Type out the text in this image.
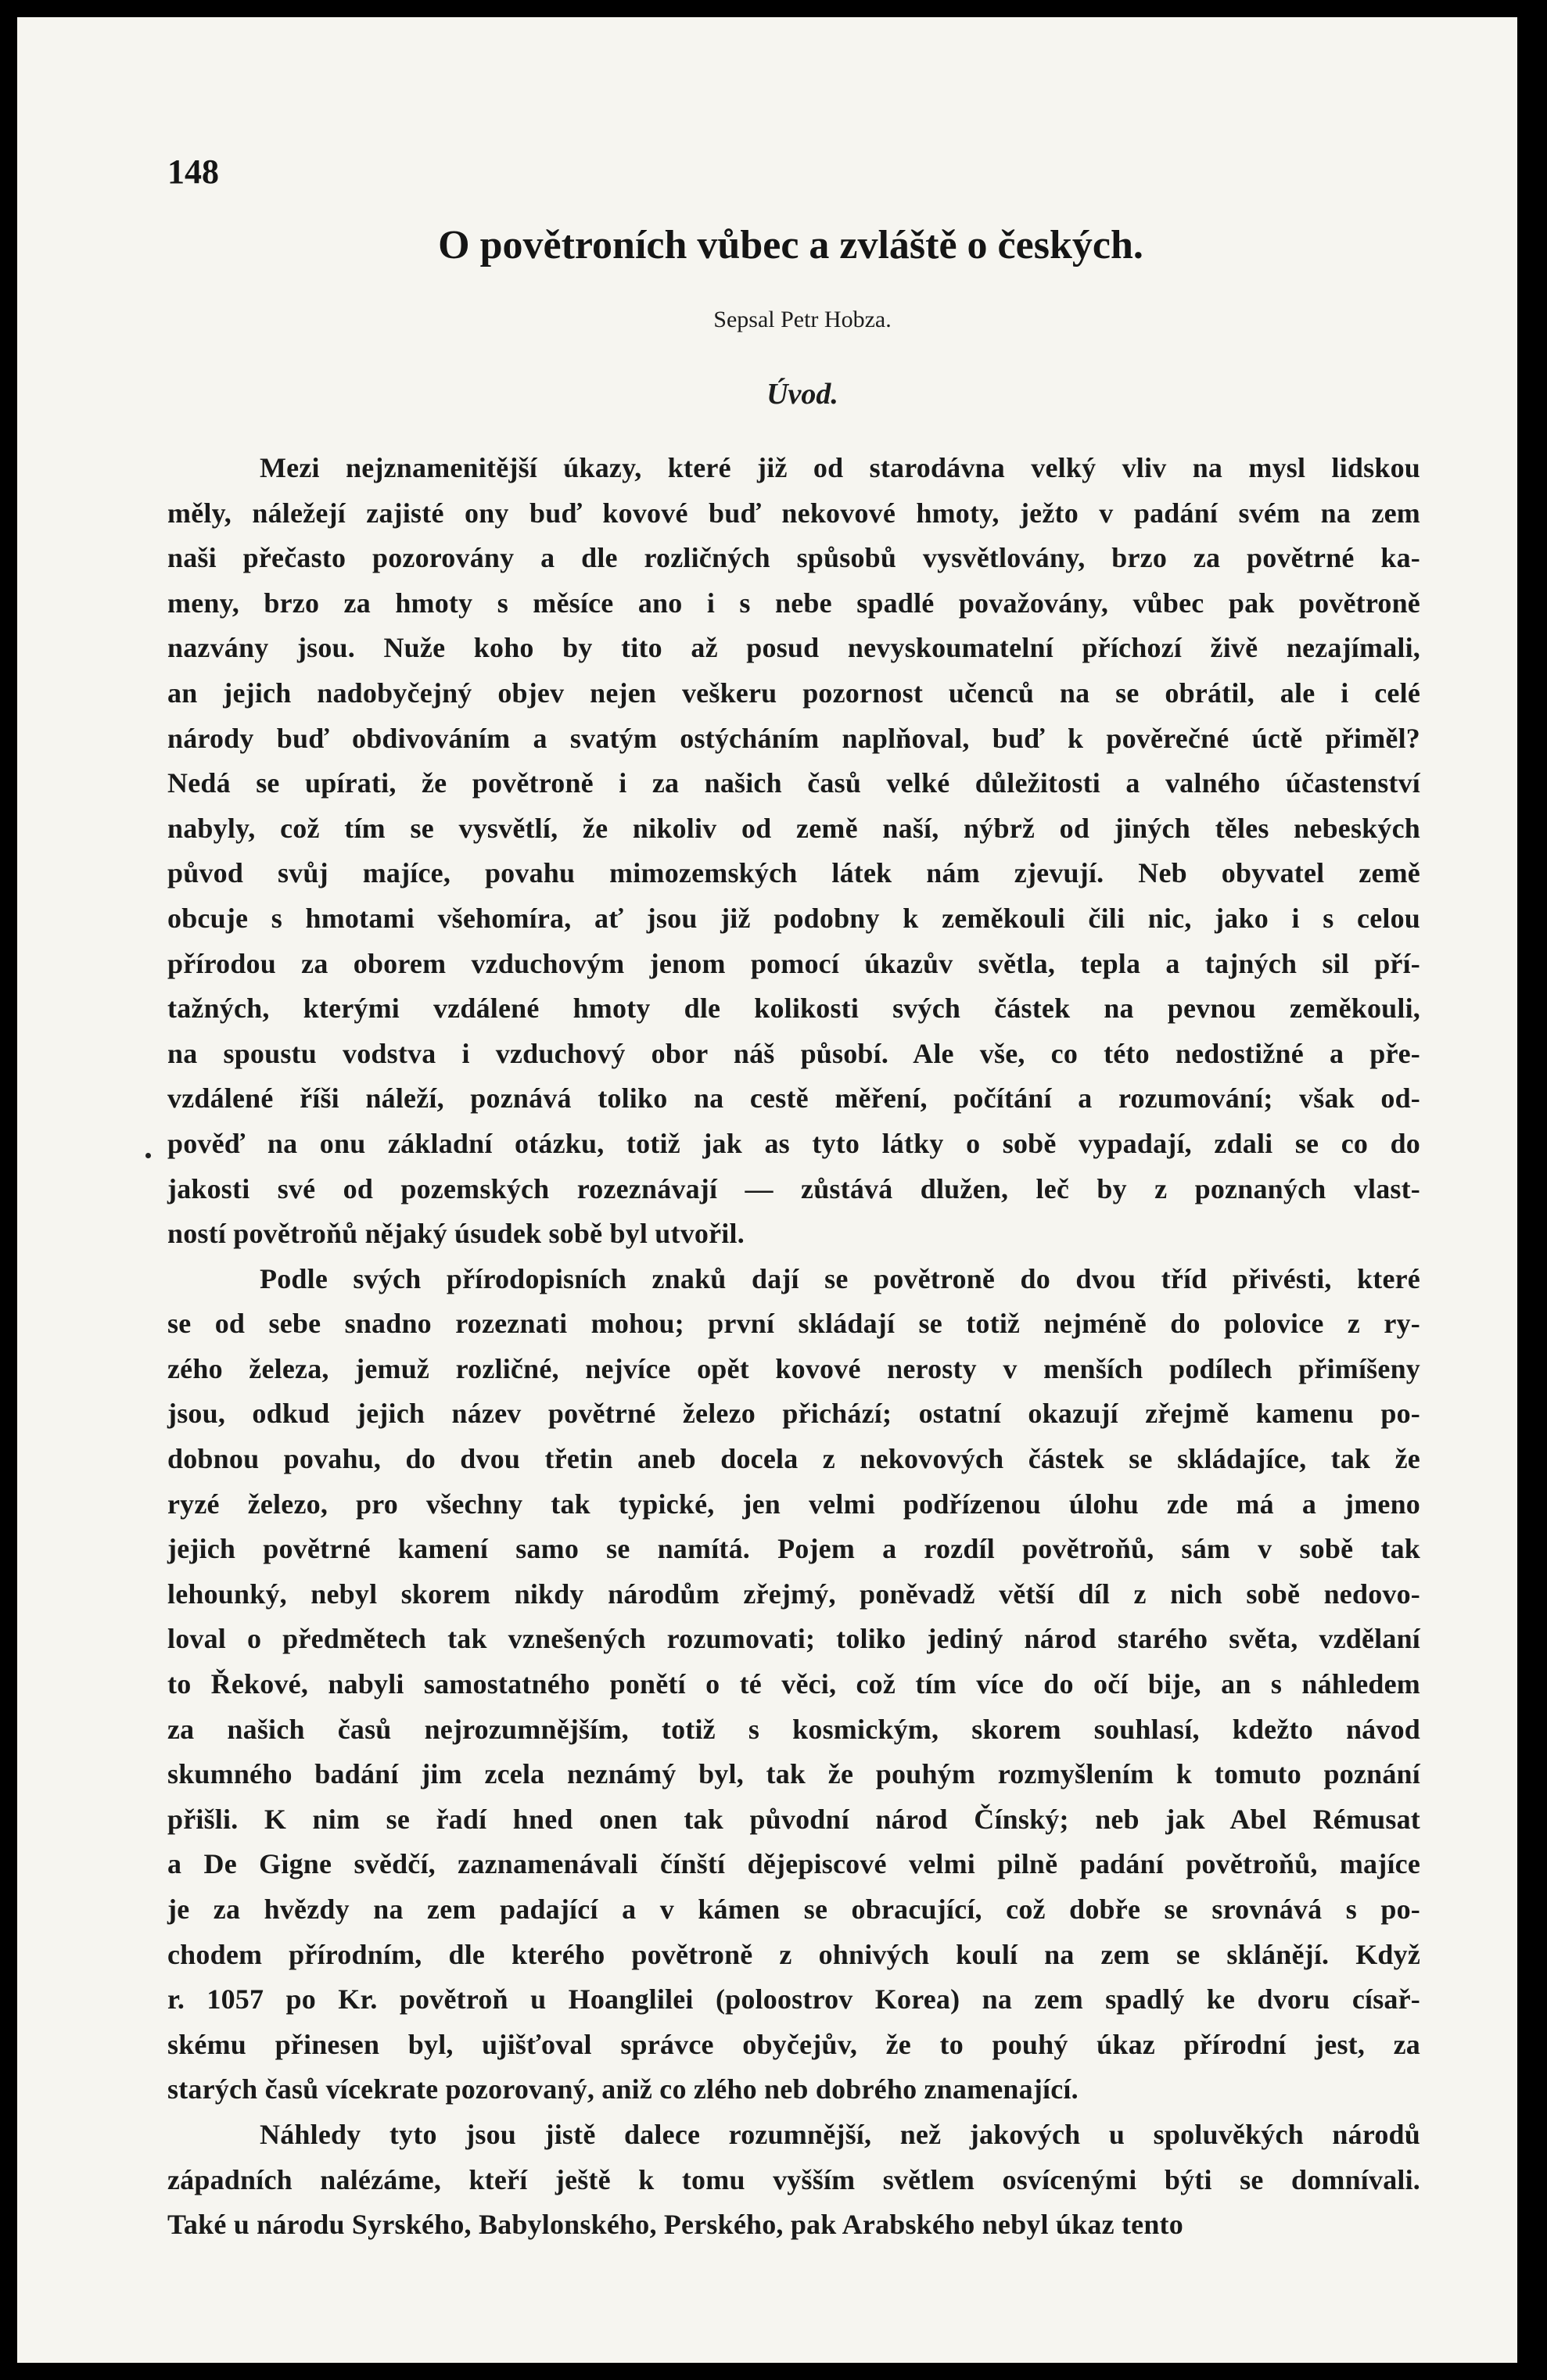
148

O povětroních vůbec a zvláště o českých.

Sepsal Petr Hobza.

Úvod.

Mezi nejznamenitější úkazy, které již od starodávna velký vliv na mysl lidskou
měly, náležejí zajisté ony buď kovové buď nekovové hmoty, ježto v padání svém na zem
naši přečasto pozorovány a dle rozličných spůsobů vysvětlovány, brzo za povětrné ka-
meny, brzo za hmoty s měsíce ano i s nebe spadlé považovány, vůbec pak povětroně
nazvány jsou. Nuže koho by tito až posud nevyskoumatelní příchozí živě nezajímali,
an jejich nadobyčejný objev nejen veškeru pozornost učenců na se obrátil, ale i celé
národy buď obdivováním a svatým ostýcháním naplňoval, buď k pověrečné úctě přiměl?
Nedá se upírati, že povětroně i za našich časů velké důležitosti a valného účastenství
nabyly, což tím se vysvětlí, že nikoliv od země naší, nýbrž od jiných těles nebeských
původ svůj majíce, povahu mimozemských látek nám zjevují. Neb obyvatel země
obcuje s hmotami všehomíra, ať jsou již podobny k zeměkouli čili nic, jako i s celou
přírodou za oborem vzduchovým jenom pomocí úkazův světla, tepla a tajných sil pří-
tažných, kterými vzdálené hmoty dle kolikosti svých částek na pevnou zeměkouli,
na spoustu vodstva i vzduchový obor náš působí. Ale vše, co této nedostižné a pře-
vzdálené říši náleží, poznává toliko na cestě měření, počítání a rozumování; však od-
pověď na onu základní otázku, totiž jak as tyto látky o sobě vypadají, zdali se co do
jakosti své od pozemských rozeznávají — zůstává dlužen, leč by z poznaných vlast-
ností povětroňů nějaký úsudek sobě byl utvořil.

Podle svých přírodopisních znaků dají se povětroně do dvou tříd přivésti, které
se od sebe snadno rozeznati mohou; první skládají se totiž nejméně do polovice z ry-
zého železa, jemuž rozličné, nejvíce opět kovové nerosty v menších podílech přimíšeny
jsou, odkud jejich název povětrné železo přichází; ostatní okazují zřejmě kamenu po-
dobnou povahu, do dvou třetin aneb docela z nekovových částek se skládajíce, tak že
ryzé železo, pro všechny tak typické, jen velmi podřízenou úlohu zde má a jmeno
jejich povětrné kamení samo se namítá. Pojem a rozdíl povětroňů, sám v sobě tak
lehounký, nebyl skorem nikdy národům zřejmý, poněvadž větší díl z nich sobě nedovo-
loval o předmětech tak vznešených rozumovati; toliko jediný národ starého světa, vzdělaní
to Řekové, nabyli samostatného ponětí o té věci, což tím více do očí bije, an s náhledem
za našich časů nejrozumnějším, totiž s kosmickým, skorem souhlasí, kdežto návod
skumného badání jim zcela neznámý byl, tak že pouhým rozmyšlením k tomuto poznání
přišli. K nim se řadí hned onen tak původní národ Čínský; neb jak Abel Rémusat
a De Gigne svědčí, zaznamenávali čínští dějepiscové velmi pilně padání povětroňů, majíce
je za hvězdy na zem padající a v kámen se obracující, což dobře se srovnává s po-
chodem přírodním, dle kterého povětroně z ohnivých koulí na zem se sklánějí. Když
r. 1057 po Kr. povětroň u Hoanglilei (poloostrov Korea) na zem spadlý ke dvoru císař-
skému přinesen byl, ujišťoval správce obyčejův, že to pouhý úkaz přírodní jest, za
starých časů vícekrate pozorovaný, aniž co zlého neb dobrého znamenající.

Náhledy tyto jsou jistě dalece rozumnější, než jakových u spoluvěkých národů
západních nalézáme, kteří ještě k tomu vyšším světlem osvícenými býti se domnívali.
Také u národu Syrského, Babylonského, Perského, pak Arabského nebyl úkaz tento
